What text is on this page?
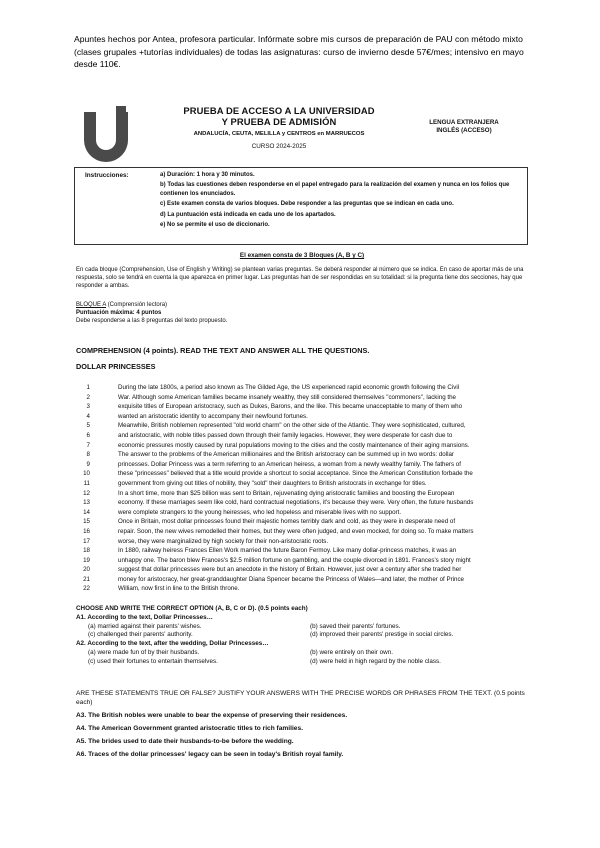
Apuntes hechos por Antea, profesora particular. Infórmate sobre mis cursos de preparación de PAU con método mixto (clases grupales +tutorías individuales) de todas las asignaturas: curso de invierno desde 57€/mes; intensivo en mayo desde 110€.
PRUEBA DE ACCESO A LA UNIVERSIDAD
Y PRUEBA DE ADMISIÓN
ANDALUCÍA, CEUTA, MELILLA y CENTROS en MARRUECOS
CURSO 2024-2025
LENGUA EXTRANJERA
INGLÉS (ACCESO)
Instrucciones:	a) Duración: 1 hora y 30 minutos.
b) Todas las cuestiones deben responderse en el papel entregado para la realización del examen y nunca en los folios que contienen los enunciados.
c) Este examen consta de varios bloques. Debe responder a las preguntas que se indican en cada uno.
d) La puntuación está indicada en cada uno de los apartados.
e) No se permite el uso de diccionario.
El examen consta de 3 Bloques (A, B y C)
En cada bloque (Comprehension, Use of English y Writing) se plantean varias preguntas. Se deberá responder al número que se indica. En caso de aportar más de una respuesta, solo se tendrá en cuenta la que aparezca en primer lugar. Las preguntas han de ser respondidas en su totalidad: si la pregunta tiene dos secciones, hay que responder a ambas.
BLOQUE A (Comprensión lectora)
Puntuación máxima: 4 puntos
Debe responderse a las 8 preguntas del texto propuesto.
COMPREHENSION (4 points). READ THE TEXT AND ANSWER ALL THE QUESTIONS.
DOLLAR PRINCESSES
1	During the late 1800s, a period also known as The Gilded Age, the US experienced rapid economic growth following the Civil
2	War. Although some American families became insanely wealthy, they still considered themselves "commoners", lacking the
3	exquisite titles of European aristocracy, such as Dukes, Barons, and the like. This became unacceptable to many of them who
4	wanted an aristocratic identity to accompany their newfound fortunes.
5	Meanwhile, British noblemen represented "old world charm" on the other side of the Atlantic. They were sophisticated, cultured,
6	and aristocratic, with noble titles passed down through their family legacies. However, they were desperate for cash due to
7	economic pressures mostly caused by rural populations moving to the cities and the costly maintenance of their aging mansions.
8	The answer to the problems of the American millionaires and the British aristocracy can be summed up in two words: dollar
9	princesses. Dollar Princess was a term referring to an American heiress, a woman from a newly wealthy family. The fathers of
10	these "princesses" believed that a title would provide a shortcut to social acceptance. Since the American Constitution forbade the
11	government from giving out titles of nobility, they "sold" their daughters to British aristocrats in exchange for titles.
12	In a short time, more than $25 billion was sent to Britain, rejuvenating dying aristocratic families and boosting the European
13	economy. If these marriages seem like cold, hard contractual negotiations, it's because they were. Very often, the future husbands
14	were complete strangers to the young heiresses, who led hopeless and miserable lives with no support.
15	Once in Britain, most dollar princesses found their majestic homes terribly dark and cold, as they were in desperate need of
16	repair. Soon, the new wives remodelled their homes, but they were often judged, and even mocked, for doing so. To make matters
17	worse, they were marginalized by high society for their non-aristocratic roots.
18	In 1880, railway heiress Frances Ellen Work married the future Baron Fermoy. Like many dollar-princess matches, it was an
19	unhappy one. The baron blew Frances's $2.5 million fortune on gambling, and the couple divorced in 1891. Frances's story might
20	suggest that dollar princesses were but an anecdote in the history of Britain. However, just over a century after she traded her
21	money for aristocracy, her great-granddaughter Diana Spencer became the Princess of Wales—and later, the mother of Prince
22	William, now first in line to the British throne.
CHOOSE AND WRITE THE CORRECT OPTION (A, B, C or D). (0.5 points each)
A1. According to the text, Dollar Princesses…
(a) married against their parents' wishes.	(b) saved their parents' fortunes.
(c) challenged their parents' authority.	(d) improved their parents' prestige in social circles.
A2. According to the text, after the wedding, Dollar Princesses…
(a) were made fun of by their husbands.	(b) were entirely on their own.
(c) used their fortunes to entertain themselves.	(d) were held in high regard by the noble class.
ARE THESE STATEMENTS TRUE OR FALSE? JUSTIFY YOUR ANSWERS WITH THE PRECISE WORDS OR PHRASES FROM THE TEXT. (0.5 points each)
A3. The British nobles were unable to bear the expense of preserving their residences.
A4. The American Government granted aristocratic titles to rich families.
A5. The brides used to date their husbands-to-be before the wedding.
A6. Traces of the dollar princesses' legacy can be seen in today's British royal family.
